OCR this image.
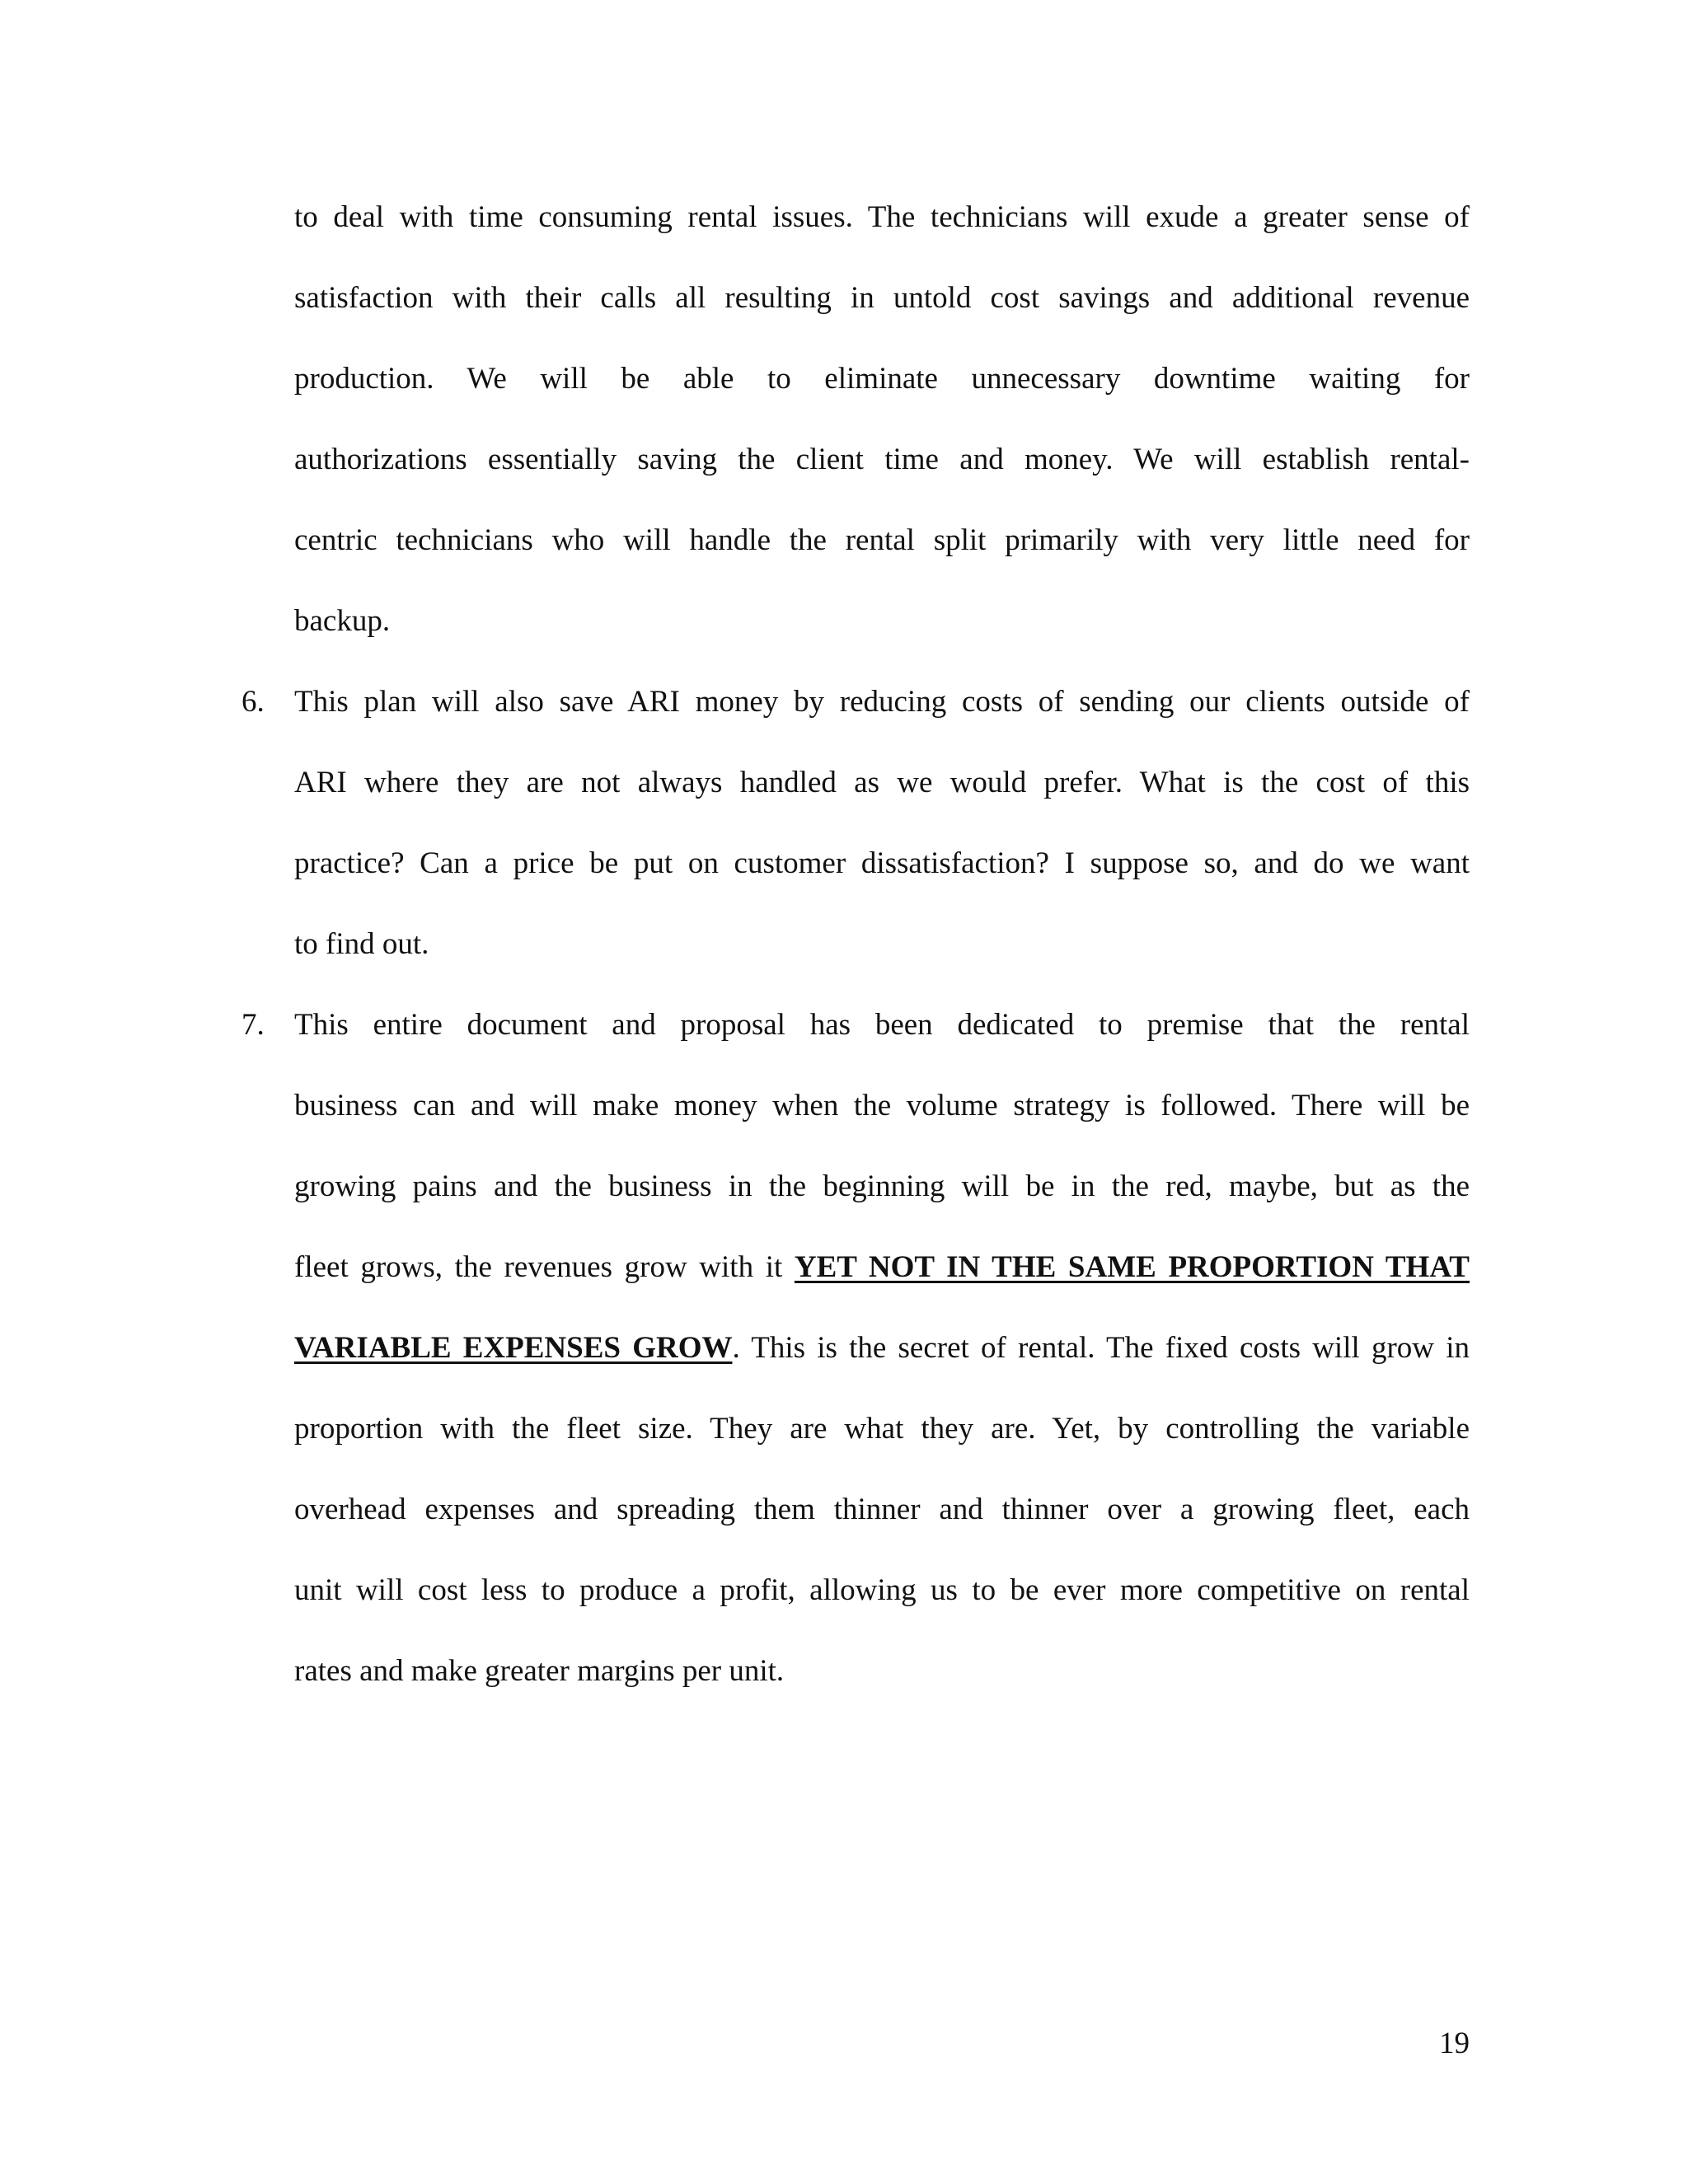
to deal with time consuming rental issues. The technicians will exude a greater sense of
satisfaction with their calls all resulting in untold cost savings and additional revenue
production. We will be able to eliminate unnecessary downtime waiting for
authorizations essentially saving the client time and money. We will establish rental-
centric technicians who will handle the rental split primarily with very little need for
backup.
6. This plan will also save ARI money by reducing costs of sending our clients outside of
ARI where they are not always handled as we would prefer. What is the cost of this
practice? Can a price be put on customer dissatisfaction? I suppose so, and do we want
to find out.
7. This entire document and proposal has been dedicated to premise that the rental
business can and will make money when the volume strategy is followed. There will be
growing pains and the business in the beginning will be in the red, maybe, but as the
fleet grows, the revenues grow with it YET NOT IN THE SAME PROPORTION THAT
VARIABLE EXPENSES GROW. This is the secret of rental. The fixed costs will grow in
proportion with the fleet size. They are what they are. Yet, by controlling the variable
overhead expenses and spreading them thinner and thinner over a growing fleet, each
unit will cost less to produce a profit, allowing us to be ever more competitive on rental
rates and make greater margins per unit.
19
